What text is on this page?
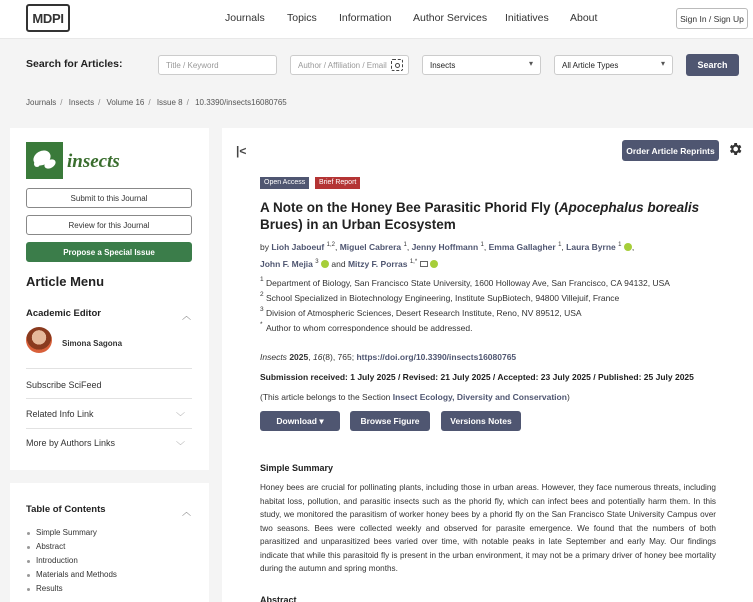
MDPI	Journals Topics Information Author Services Initiatives About	Sign In / Sign Up
Search for Articles:	Title / Keyword	Author / Affiliation / Email	Insects	▾	All Article Types	▾	Search
Journals / Insects / Volume 16 / Issue 8 / 10.3390/insects16080765
insects
Submit to this Journal
Review for this Journal
Propose a Special Issue
Article Menu
Academic Editor	︿
Simona Sagona
Subscribe SciFeed
Related Info Link	﹀
More by Authors Links	﹀
Table of Contents	︿
Simple Summary
Abstract
Introduction
Materials and Methods
Results
|<	Order Article Reprints
Open Access	Brief Report
A Note on the Honey Bee Parasitic Phorid Fly (Apocephalus borealis Brues) in an Urban Ecosystem
by Lioh Jaboeuf $^{1,2}$, Miguel Cabrera $^1$, Jenny Hoffmann $^1$, Emma Gallagher $^1$, Laura Byrne $^1$ ,
John F. Mejia $^3$ and Mitzy F. Porras $^{1,*}$
1 Department of Biology, San Francisco State University, 1600 Holloway Ave, San Francisco, CA 94132, USA
2 School Specialized in Biotechnology Engineering, Institute SupBiotech, 94800 Villejuif, France
3 Division of Atmospheric Sciences, Desert Research Institute, Reno, NV 89512, USA
* Author to whom correspondence should be addressed.
Insects 2025, 16(8), 765; https://doi.org/10.3390/insects16080765
Submission received: 1 July 2025 / Revised: 21 July 2025 / Accepted: 23 July 2025 / Published: 25 July 2025
(This article belongs to the Section Insect Ecology, Diversity and Conservation)
Download
▾	Browse Figure	Versions Notes
Simple Summary

Honey bees are crucial for pollinating plants, including those in urban areas. However, they face numerous threats, including habitat loss, pollution, and parasitic insects such as the phorid fly, which can infect bees and potentially harm them. In this study, we monitored the parasitism of worker honey bees by a phorid fly on the San Francisco State University Campus over two seasons. Bees were collected weekly and observed for parasite emergence. We found that the numbers of both parasitized and unparasitized bees varied over time, with notable peaks in late September and early May. Our findings indicate that while this parasitoid fly is present in the urban environment, it may not be a primary driver of honey bee mortality during the autumn and spring months.

Abstract
